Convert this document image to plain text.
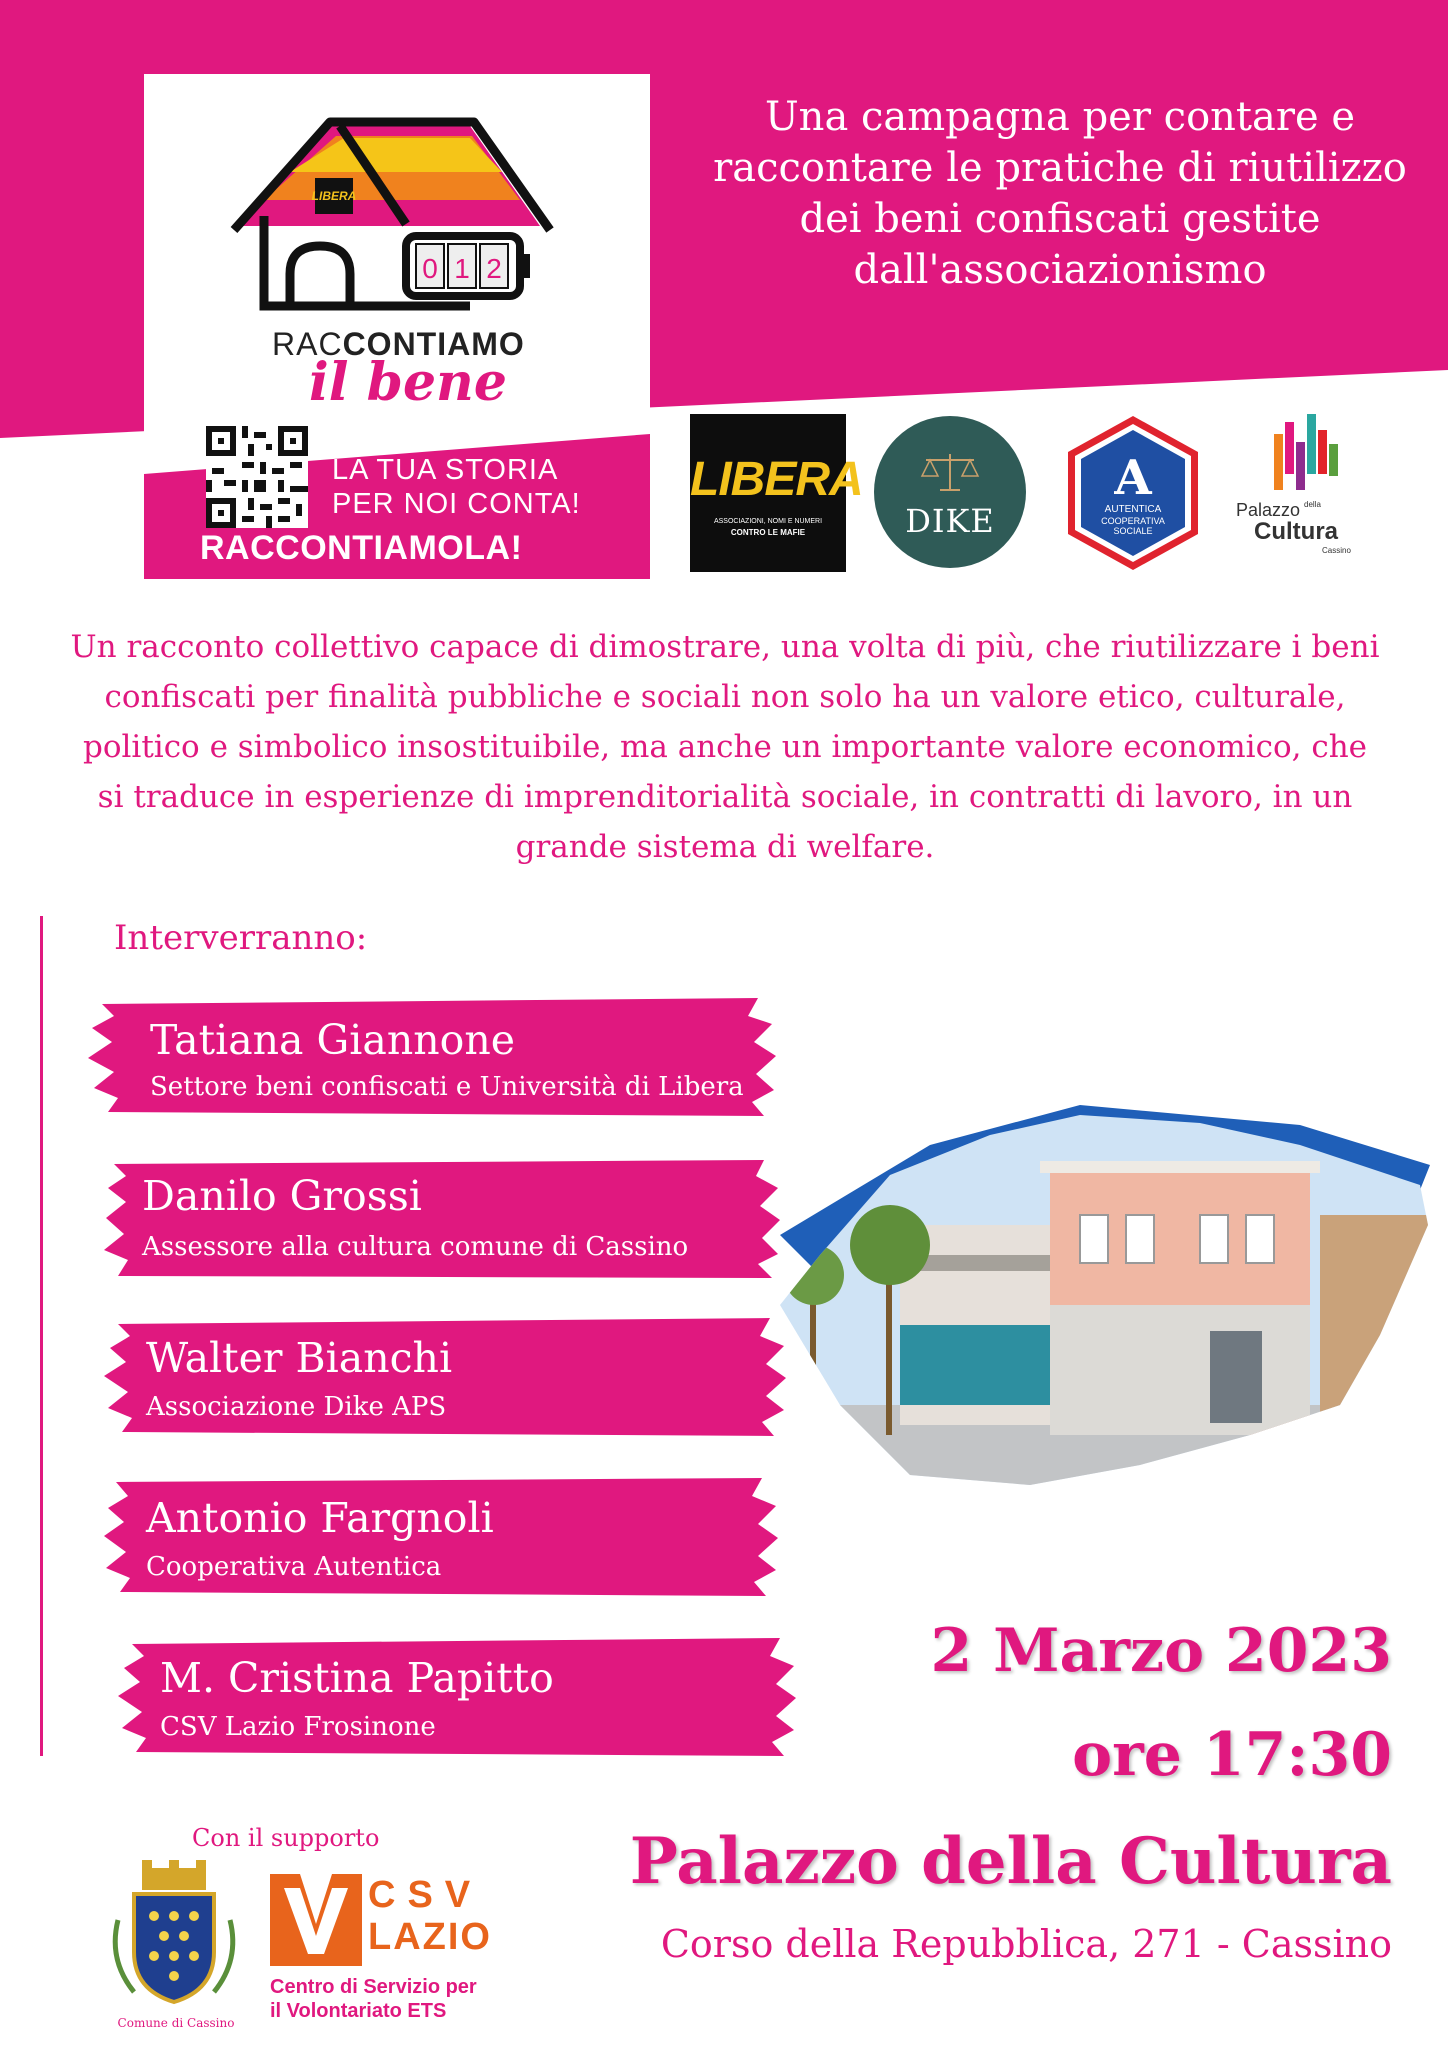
LIBERA
0 1 2
RACCONTIAMO
il bene
LA TUA STORIA
PER NOI CONTA!
RACCONTIAMOLA!
Una campagna per contare e raccontare le pratiche di riutilizzo dei beni confiscati gestite dall'associazionismo
LIBERA
ASSOCIAZIONI, NOMI E NUMERI
CONTRO LE MAFIE	DIKE
A
AUTENTICA
COOPERATIVA
SOCIALE
Palazzo della
Cultura
Cassino
Un racconto collettivo capace di dimostrare, una volta di più, che riutilizzare i beni confiscati per finalità pubbliche e sociali non solo ha un valore etico, culturale, politico e simbolico insostituibile, ma anche un importante valore economico, che si traduce in esperienze di imprenditorialità sociale, in contratti di lavoro, in un grande sistema di welfare.
Interverranno:
Tatiana Giannone
Settore beni confiscati e Università di Libera
Danilo Grossi
Assessore alla cultura comune di Cassino
Walter Bianchi
Associazione Dike APS
Antonio Fargnoli
Cooperativa Autentica
M. Cristina Papitto
CSV Lazio Frosinone
2 Marzo 2023
ore 17:30
Palazzo della Cultura
Corso della Repubblica, 271 - Cassino
Con il supporto
Comune di Cassino
CSV
LAZIO
Centro di Servizio per
il Volontariato ETS
